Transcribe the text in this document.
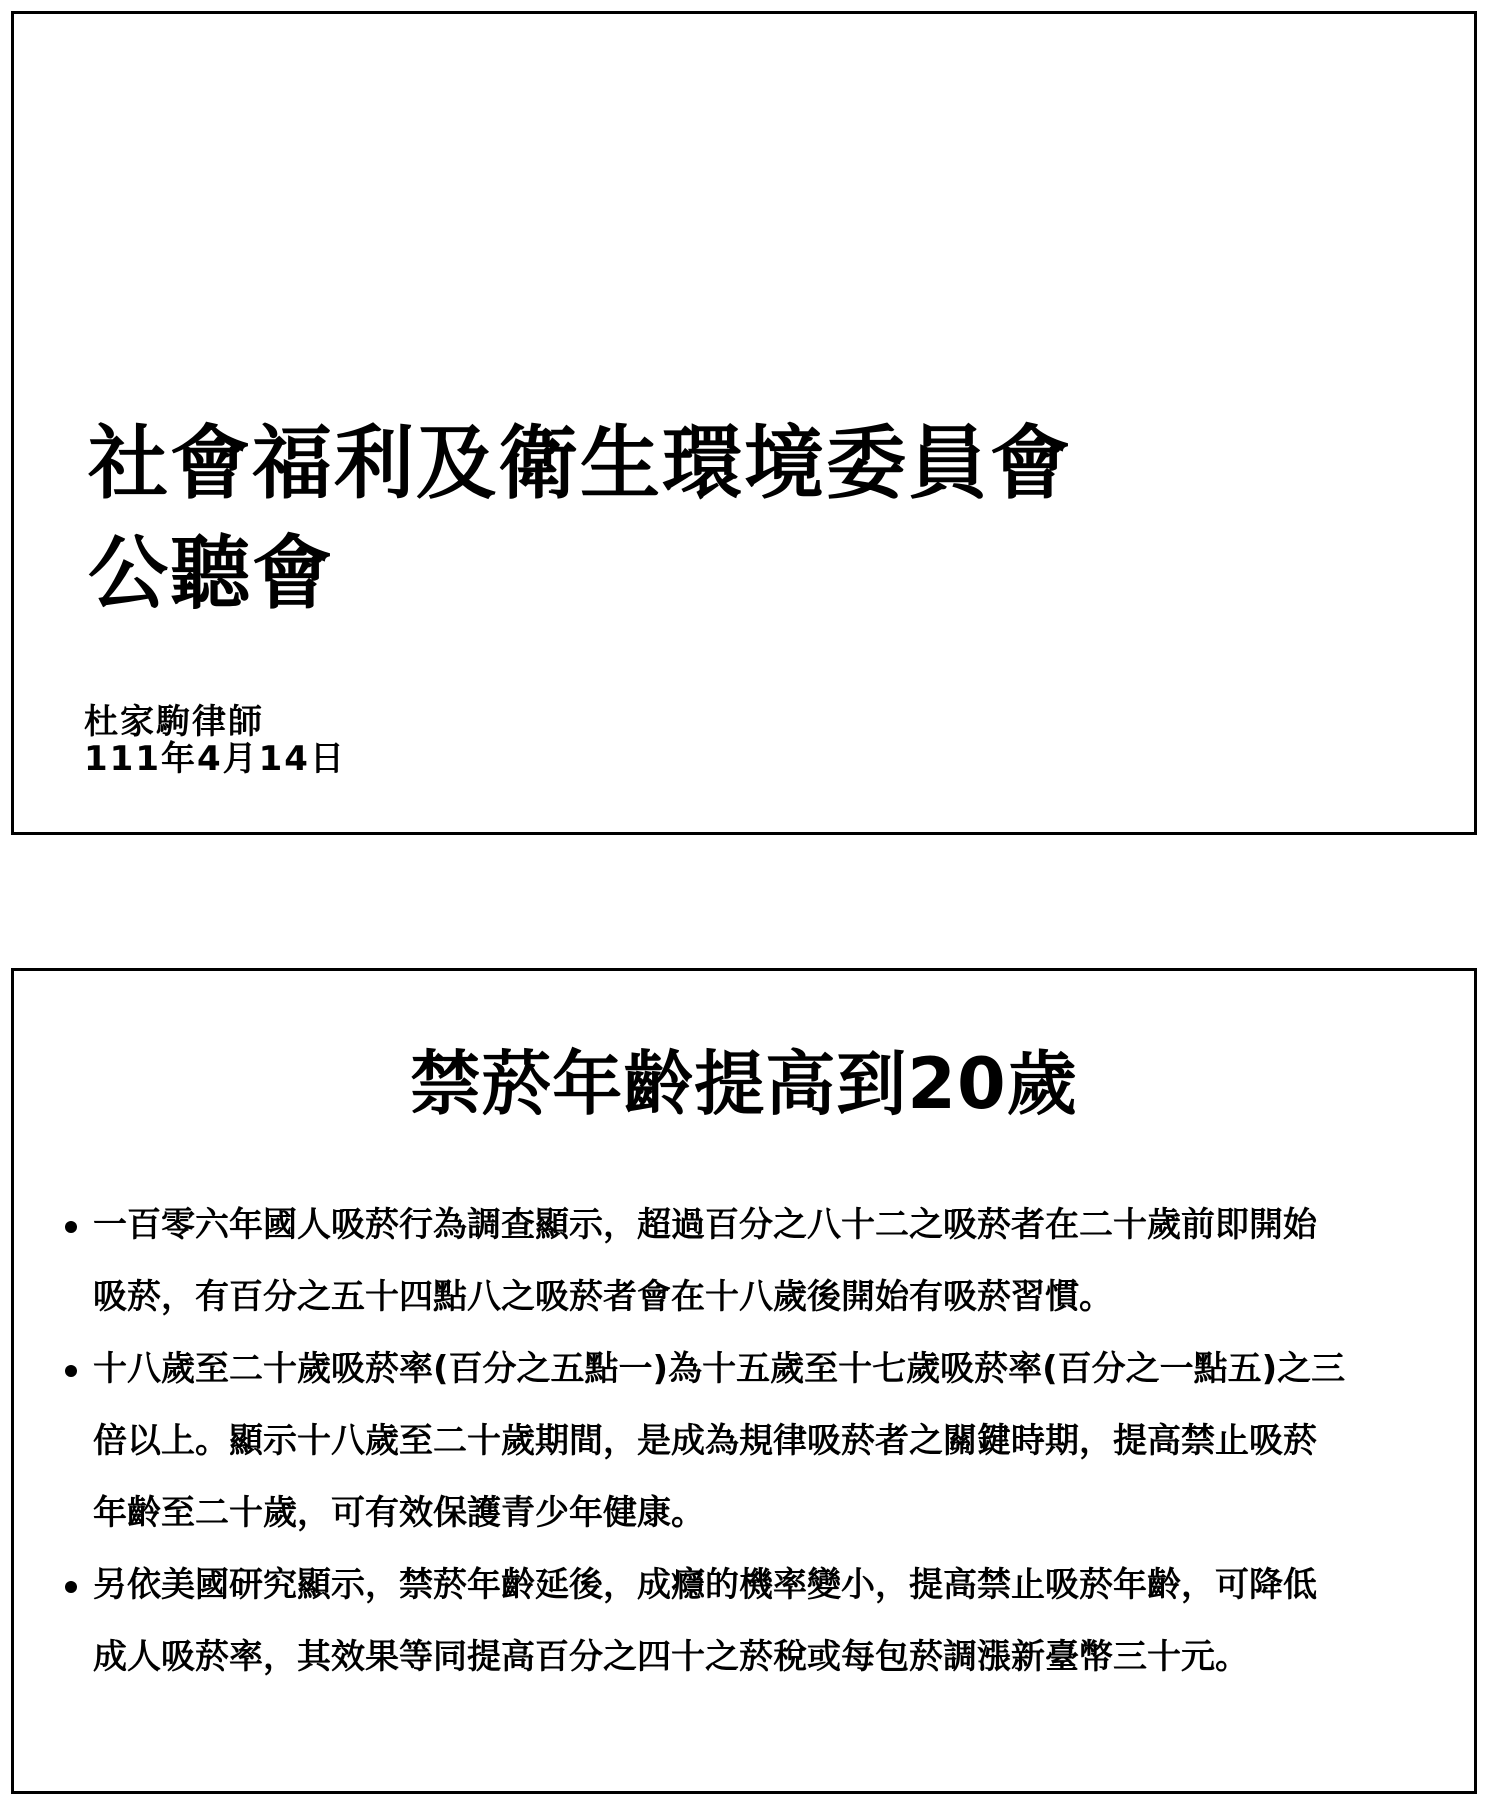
社會福利及衛生環境委員會
公聽會
杜家駒律師
111年4月14日
禁菸年齡提高到20歲
一百零六年國人吸菸行為調查顯示，超過百分之八十二之吸菸者在二十歲前即開始
吸菸，有百分之五十四點八之吸菸者會在十八歲後開始有吸菸習慣。
十八歲至二十歲吸菸率(百分之五點一)為十五歲至十七歲吸菸率(百分之一點五)之三
倍以上。顯示十八歲至二十歲期間，是成為規律吸菸者之關鍵時期，提高禁止吸菸
年齡至二十歲，可有效保護青少年健康。
另依美國研究顯示，禁菸年齡延後，成癮的機率變小，提高禁止吸菸年齡，可降低
成人吸菸率，其效果等同提高百分之四十之菸稅或每包菸調漲新臺幣三十元。
